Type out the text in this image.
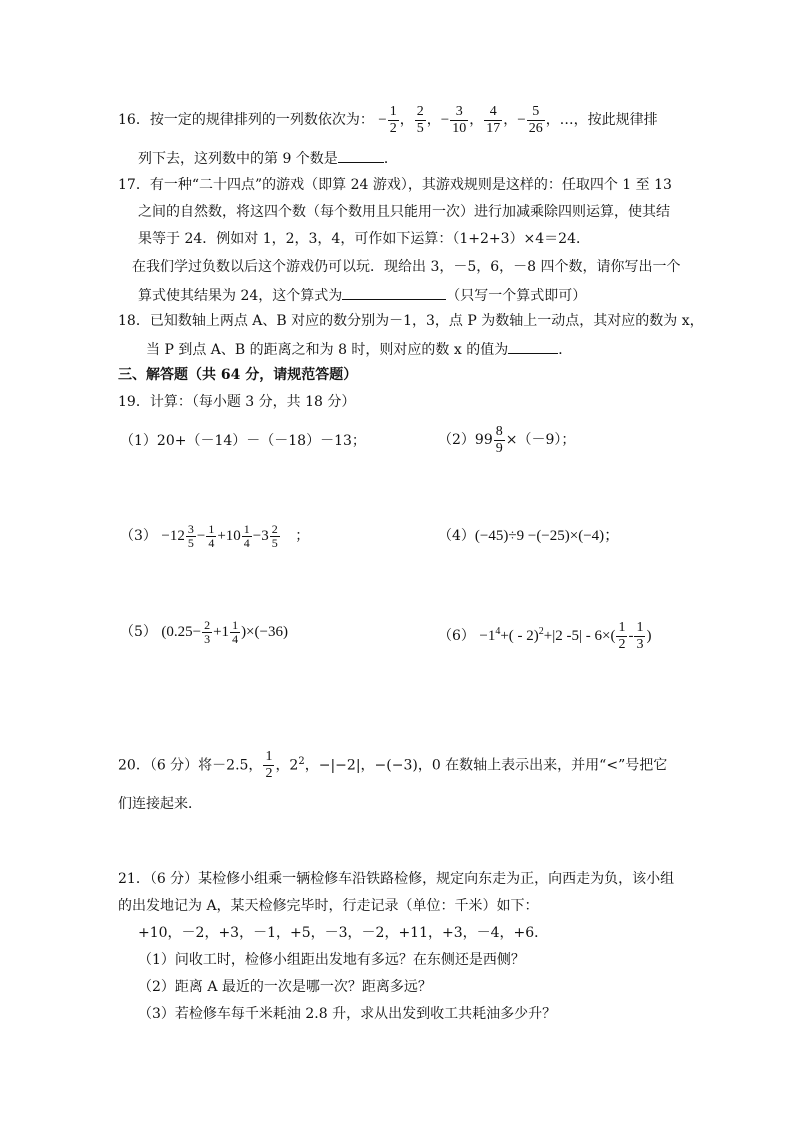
16．按一定的规律排列的一列数依次为： − $\frac{1}{2}$ ， $\frac{2}{5}$ ，− $\frac{3}{10}$ ， $\frac{4}{17}$ ，− $\frac{5}{26}$ ，…，按此规律排
列下去，这列数中的第 9 个数是	．
17．有一种“二十四点”的游戏（即算 24 游戏），其游戏规则是这样的：任取四个 1 至 13
之间的自然数，将这四个数（每个数用且只能用一次）进行加减乘除四则运算，使其结
果等于 24．例如对 1，2，3，4，可作如下运算：（1+2+3）×4＝24．
在我们学过负数以后这个游戏仍可以玩．现给出 3，－5，6，－8 四个数，请你写出一个
算式使其结果为 24，这个算式为	（只写一个算式即可）
18．已知数轴上两点 A、B 对应的数分别为－1，3，点 P 为数轴上一动点，其对应的数为 x，
当 P 到点 A、B 的距离之和为 8 时，则对应的数 x 的值为	．
三、解答题（共 64 分，请规范答题）
19．计算：（每小题 3 分，共 18 分）
（1）20+（－14）－（－18）－13；	$(2)99 \frac{8}{9} \times(-9)$；
$(3) -12 \frac{3}{5} - \frac{1}{4} +10 \frac{1}{4} -3 \frac{2}{5}$ ；	（4）(−45)÷9 −(−25)×(−4)；
（5） $(0.25- \frac{2}{3} +1 \frac{1}{4} )\times(-36)$	$(6) -1^4+( - 2)^2+|2$ $-5| - 6\times( \frac{1}{2} - \frac{1}{3}$ )
20．（6 分）将－2.5， $\frac{1}{2}$ ，$2^2$，−|−2|，−(−3)，0 在数轴上表示出来，并用“<”号把它
们连接起来．
21．（6 分）某检修小组乘一辆检修车沿铁路检修，规定向东走为正，向西走为负，该小组
的出发地记为 A，某天检修完毕时，行走记录（单位：千米）如下：
+10，－2，+3，－1，+5，－3，－2，+11，+3，－4，+6．
（1）问收工时，检修小组距出发地有多远？在东侧还是西侧？
（2）距离 A 最近的一次是哪一次？距离多远？
（3）若检修车每千米耗油 2.8 升，求从出发到收工共耗油多少升？
